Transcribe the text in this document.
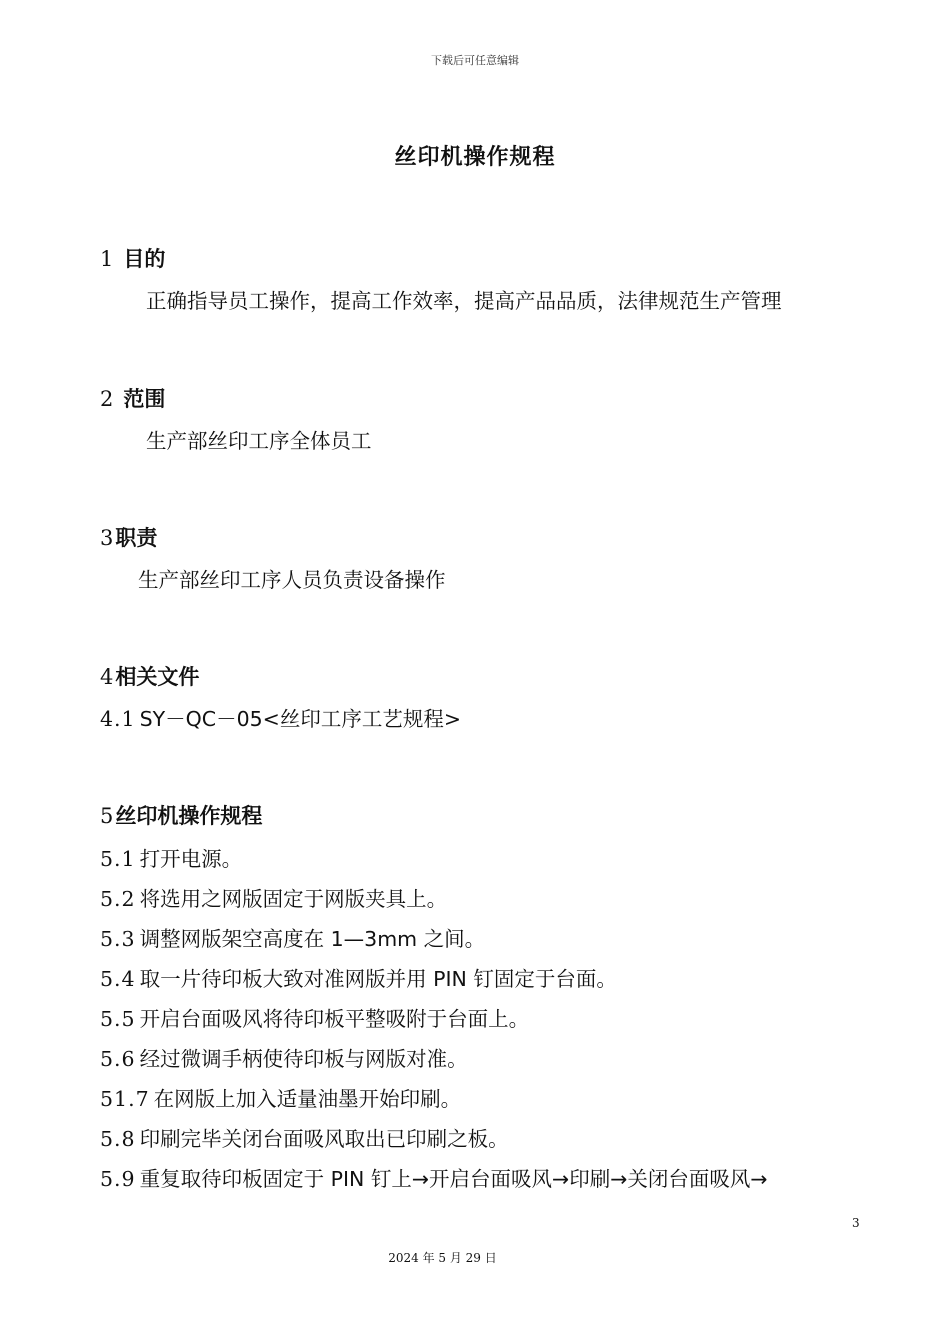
下载后可任意编辑
丝印机操作规程
1 目的
正确指导员工操作，提高工作效率，提高产品品质，法律规范生产管理
2 范围
生产部丝印工序全体员工
3职责
生产部丝印工序人员负责设备操作
4相关文件
4.1 SY－QC－05<丝印工序工艺规程>
5丝印机操作规程
5.1 打开电源。
5.2 将选用之网版固定于网版夹具上。
5.3 调整网版架空高度在 1—3mm 之间。
5.4 取一片待印板大致对准网版并用 PIN 钉固定于台面。
5.5 开启台面吸风将待印板平整吸附于台面上。
5.6 经过微调手柄使待印板与网版对准。
51.7 在网版上加入适量油墨开始印刷。
5.8 印刷完毕关闭台面吸风取出已印刷之板。
5.9 重复取待印板固定于 PIN 钉上→开启台面吸风→印刷→关闭台面吸风→
3
2024 年 5 月 29 日
